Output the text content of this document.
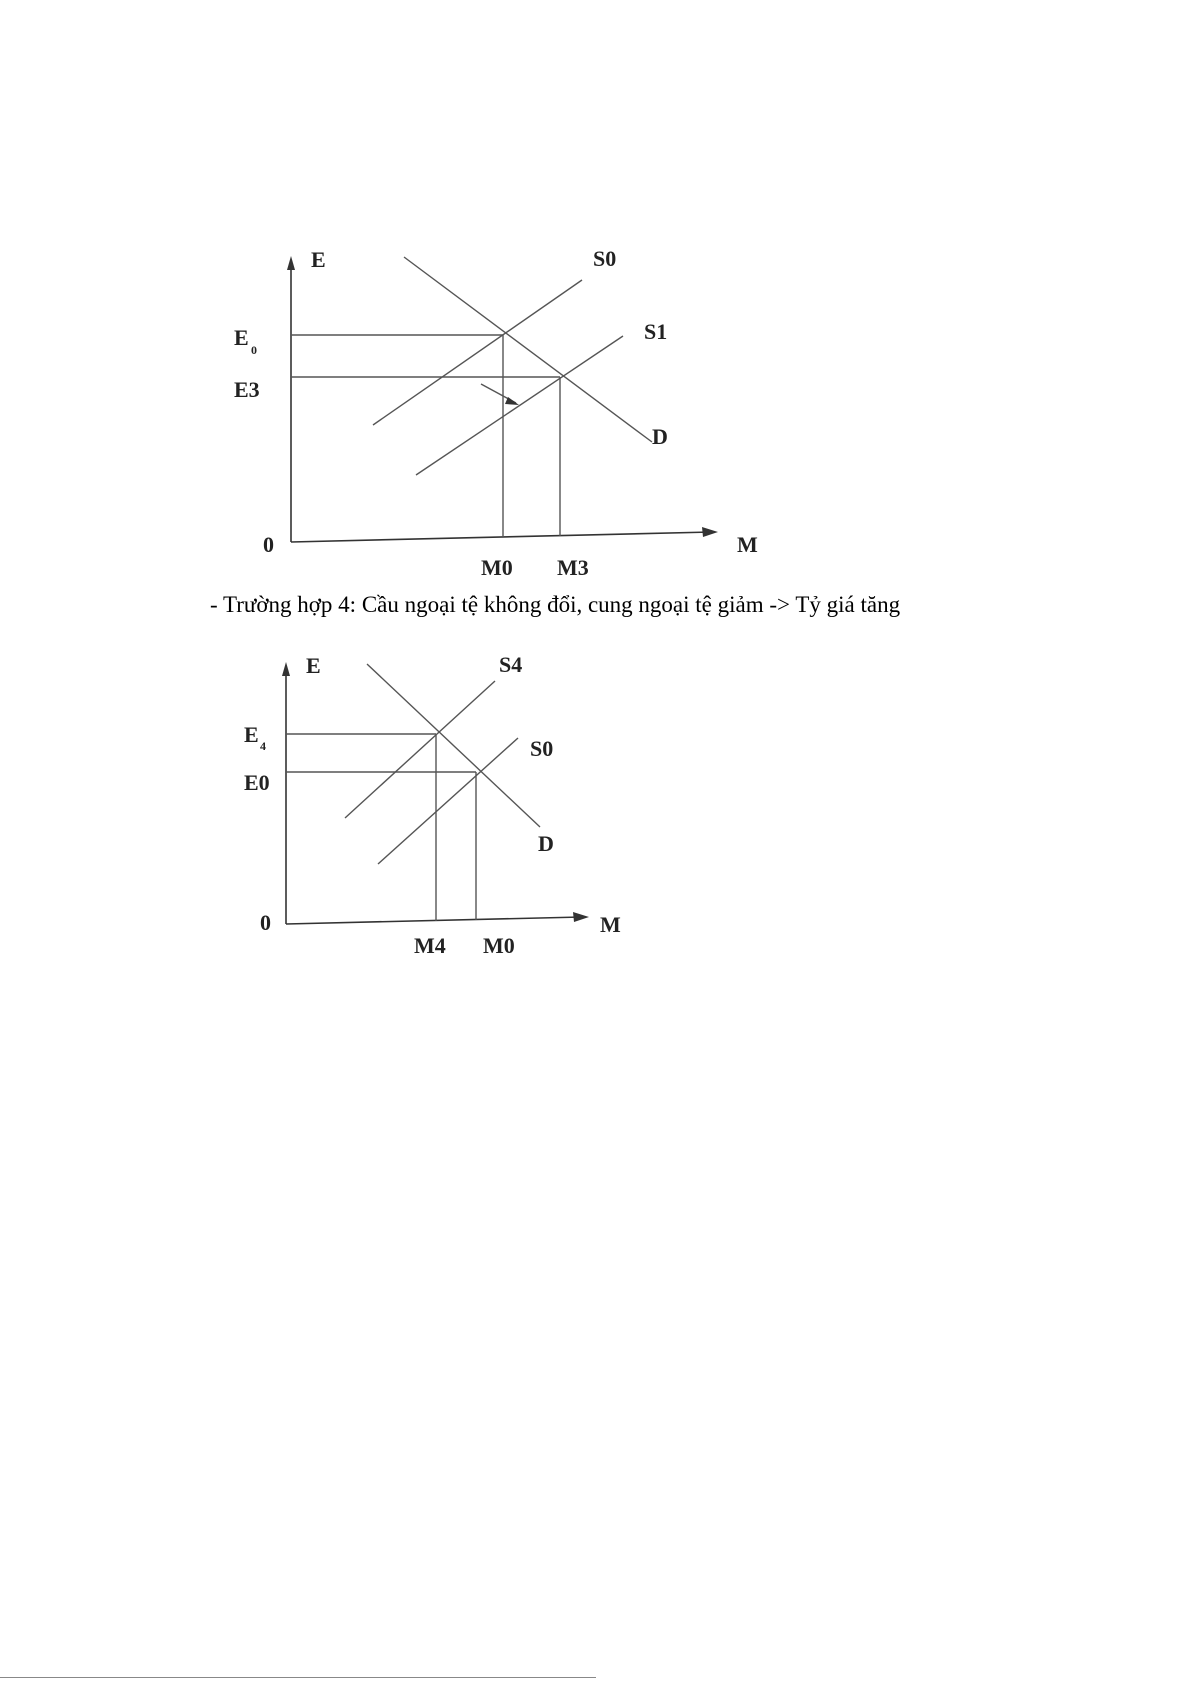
E
M
0
E 0
E3
M0 M3
S0
S1
D
E
M
0
E 4
E0
M4 M0
S4
S0
D
- Trường hợp 4: Cầu ngoại tệ không đổi, cung ngoại tệ giảm -> Tỷ giá tăng
